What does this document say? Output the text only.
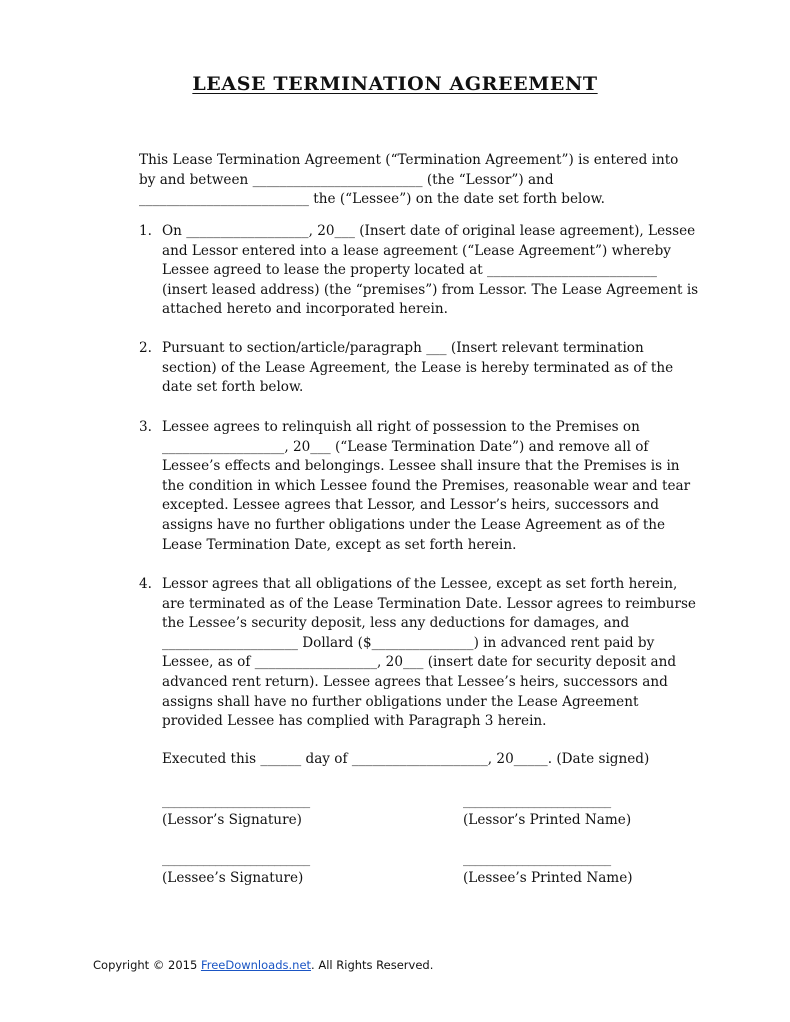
LEASE TERMINATION AGREEMENT
This Lease Termination Agreement (“Termination Agreement”) is entered into by and between _________________________ (the “Lessor”) and _________________________ the (“Lessee”) on the date set forth below.
1. On __________________, 20___ (Insert date of original lease agreement), Lessee and Lessor entered into a lease agreement (“Lease Agreement”) whereby Lessee agreed to lease the property located at _________________________ (insert leased address) (the “premises”) from Lessor. The Lease Agreement is attached hereto and incorporated herein.
2. Pursuant to section/article/paragraph ___ (Insert relevant termination section) of the Lease Agreement, the Lease is hereby terminated as of the date set forth below.
3. Lessee agrees to relinquish all right of possession to the Premises on __________________, 20___ (“Lease Termination Date”) and remove all of Lessee’s effects and belongings. Lessee shall insure that the Premises is in the condition in which Lessee found the Premises, reasonable wear and tear excepted. Lessee agrees that Lessor, and Lessor’s heirs, successors and assigns have no further obligations under the Lease Agreement as of the Lease Termination Date, except as set forth herein.
4. Lessor agrees that all obligations of the Lessee, except as set forth herein, are terminated as of the Lease Termination Date. Lessor agrees to reimburse the Lessee’s security deposit, less any deductions for damages, and ____________________ Dollard ($_______________) in advanced rent paid by Lessee, as of __________________, 20___ (insert date for security deposit and advanced rent return). Lessee agrees that Lessee’s heirs, successors and assigns shall have no further obligations under the Lease Agreement provided Lessee has complied with Paragraph 3 herein.
Executed this ______ day of ____________________, 20_____. (Date signed)
_________________________
(Lessor’s Signature)
_________________________
(Lessor’s Printed Name)
_________________________
(Lessee’s Signature)
_________________________
(Lessee’s Printed Name)
Copyright © 2015 FreeDownloads.net. All Rights Reserved.
